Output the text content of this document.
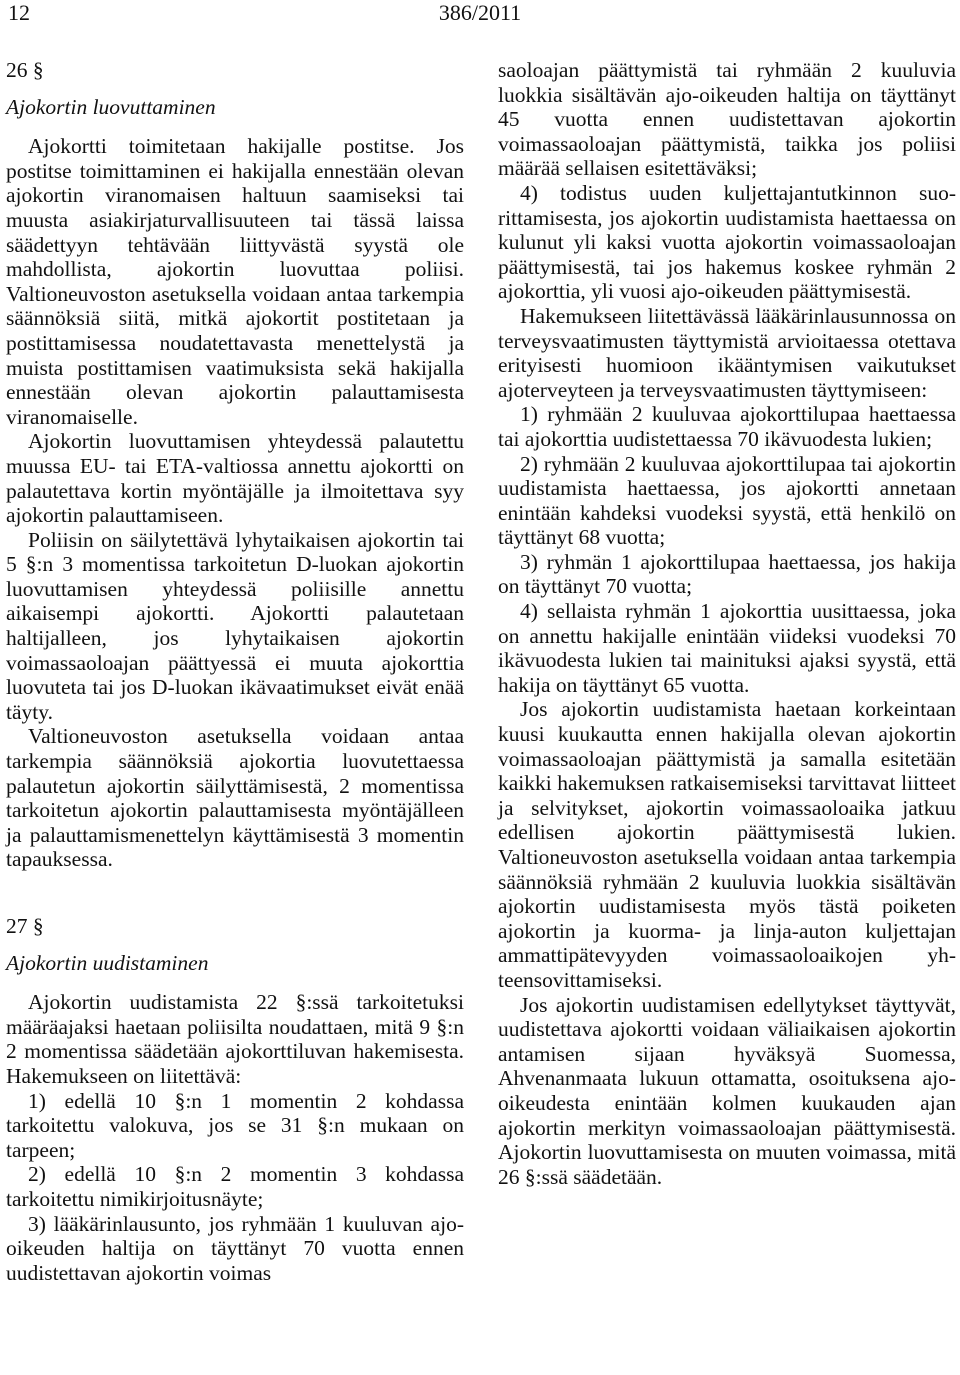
12	386/2011

26 §

Ajokortin luovuttaminen

Ajokortti toimitetaan hakijalle postitse. Jos postitse toimittaminen ei hakijalla ennestään olevan ajokortin viranomaisen haltuun saamiseksi tai muusta asiakirjaturvallisuuteen tai tässä laissa säädettyyn tehtävään liittyvästä syystä ole mahdollista, ajokortin luovuttaa poliisi. Valtioneuvoston asetuksella voidaan antaa tarkempia säännöksiä siitä, mitkä ajokortit postitetaan ja postittamisessa noudatettavasta menettelystä ja muista postittamisen vaatimuksista sekä hakijalla ennestään olevan ajokortin palauttamisesta viranomaiselle.

Ajokortin luovuttamisen yhteydessä palautettu muussa EU- tai ETA-valtiossa annettu ajokortti on palautettava kortin myöntäjälle ja ilmoitettava syy ajokortin palauttamiseen.

Poliisin on säilytettävä lyhytaikaisen ajokortin tai 5 §:n 3 momentissa tarkoitetun D-luokan ajokortin luovuttamisen yhteydessä poliisille annettu aikaisempi ajokortti. Ajokortti palautetaan haltijalleen, jos lyhytaikaisen ajokortin voimassaoloajan päättyessä ei muuta ajokorttia luovuteta tai jos D-luokan ikävaatimukset eivät enää täyty.

Valtioneuvoston asetuksella voidaan antaa tarkempia säännöksiä ajokortia luovutettaessa palautetun ajokortin säilyttämisestä, 2 momentissa tarkoitetun ajokortin palauttamisesta myöntäjälleen ja palauttamismenettelyn käyttämisestä 3 momentin tapauksessa.

27 §

Ajokortin uudistaminen

Ajokortin uudistamista 22 §:ssä tarkoitetuksi määräajaksi haetaan poliisilta noudattaen, mitä 9 §:n 2 momentissa säädetään ajokorttiluvan hakemisesta. Hakemukseen on liitettävä:

1) edellä 10 §:n 1 momentin 2 kohdassa tarkoitettu valokuva, jos se 31 §:n mukaan on tarpeen;

2) edellä 10 §:n 2 momentin 3 kohdassa tarkoitettu nimikirjoitusnäyte;

3) lääkärinlausunto, jos ryhmään 1 kuuluvan ajo-oikeuden haltija on täyttänyt 70 vuotta ennen uudistettavan ajokortin voimas

saoloajan päättymistä tai ryhmään 2 kuuluvia luokkia sisältävän ajo-oikeuden haltija on täyttänyt 45 vuotta ennen uudistettavan ajokortin voimassaoloajan päättymistä, taikka jos poliisi määrää sellaisen esitettäväksi;

4) todistus uuden kuljettajantutkinnon suorittamisesta, jos ajokortin uudistamista haettaessa on kulunut yli kaksi vuotta ajokortin voimassaoloajan päättymisestä, tai jos hakemus koskee ryhmän 2 ajokorttia, yli vuosi ajo-oikeuden päättymisestä.

Hakemukseen liitettävässä lääkärinlausunnossa on terveysvaatimusten täyttymistä arvioitaessa otettava erityisesti huomioon ikääntymisen vaikutukset ajoterveyteen ja terveysvaatimusten täyttymiseen:

1) ryhmään 2 kuuluvaa ajokorttilupaa haettaessa tai ajokorttia uudistettaessa 70 ikävuodesta lukien;

2) ryhmään 2 kuuluvaa ajokorttilupaa tai ajokortin uudistamista haettaessa, jos ajokortti annetaan enintään kahdeksi vuodeksi syystä, että henkilö on täyttänyt 68 vuotta;

3) ryhmän 1 ajokorttilupaa haettaessa, jos hakija on täyttänyt 70 vuotta;

4) sellaista ryhmän 1 ajokorttia uusittaessa, joka on annettu hakijalle enintään viideksi vuodeksi 70 ikävuodesta lukien tai mainituksi ajaksi syystä, että hakija on täyttänyt 65 vuotta.

Jos ajokortin uudistamista haetaan korkeintaan kuusi kuukautta ennen hakijalla olevan ajokortin voimassaoloajan päättymistä ja samalla esitetään kaikki hakemuksen ratkaisemiseksi tarvittavat liitteet ja selvitykset, ajokortin voimassaoloaika jatkuu edellisen ajokortin päättymisestä lukien. Valtioneuvoston asetuksella voidaan antaa tarkempia säännöksiä ryhmään 2 kuuluvia luokkia sisältävän ajokortin uudistamisesta myös tästä poiketen ajokortin ja kuorma- ja linja-auton kuljettajan ammattipätevyyden voimassaoloaikojen yhteensovittamiseksi.

Jos ajokortin uudistamisen edellytykset täyttyvät, uudistettava ajokortti voidaan väliaikaisen ajokortin antamisen sijaan hyväksyä Suomessa, Ahvenanmaata lukuun ottamatta, osoituksena ajo-oikeudesta enintään kolmen kuukauden ajan ajokortin merkityn voimassaoloajan päättymisestä. Ajokortin luovuttamisesta on muuten voimassa, mitä 26 §:ssä säädetään.
